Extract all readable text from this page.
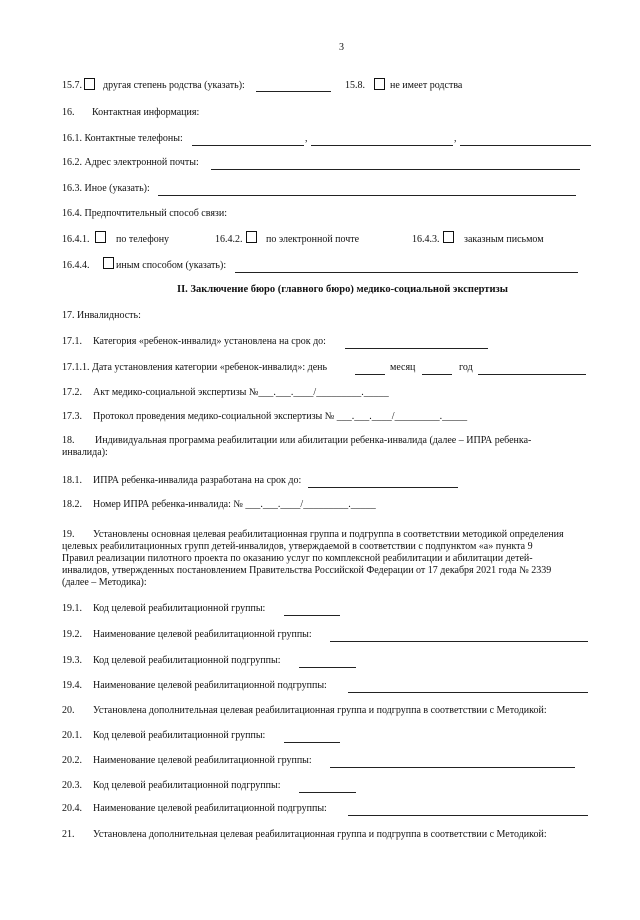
3
15.7. другая степень родства (указать):	15.8.	не имеет родства
16. Контактная информация:
16.1. Контактные телефоны:	,	,
16.2. Адрес электронной почты:
16.3. Иное (указать):
16.4. Предпочтительный способ связи:
16.4.1.	по телефону	16.4.2. по электронной почте	16.4.3. заказным письмом
16.4.4.	иным способом (указать):
II. Заключение бюро (главного бюро) медико-социальной экспертизы
17. Инвалидность:
17.1. Категория «ребенок-инвалид» установлена на срок до:
17.1.1. Дата установления категории «ребенок-инвалид»: день	месяц	год
17.2. Акт медико-социальной экспертизы №___.___.____/_________._____
17.3. Протокол проведения медико-социальной экспертизы № ___.___.____/_________._____
18. Индивидуальная программа реабилитации или абилитации ребенка-инвалида (далее – ИПРА ребенка-
инвалида):
18.1. ИПРА ребенка-инвалида разработана на срок до:
18.2. Номер ИПРА ребенка-инвалида: № ___.___.____/_________._____
19. Установлены основная целевая реабилитационная группа и подгруппа в соответствии методикой определения
целевых реабилитационных групп детей-инвалидов, утверждаемой в соответствии с подпунктом «а» пункта 9
Правил реализации пилотного проекта по оказанию услуг по комплексной реабилитации и абилитации детей-
инвалидов, утвержденных постановлением Правительства Российской Федерации от 17 декабря 2021 года № 2339
(далее – Методика):
19.1. Код целевой реабилитационной группы:
19.2. Наименование целевой реабилитационной группы:
19.3. Код целевой реабилитационной подгруппы:
19.4. Наименование целевой реабилитационной подгруппы:
20. Установлена дополнительная целевая реабилитационная группа и подгруппа в соответствии с Методикой:
20.1. Код целевой реабилитационной группы:
20.2. Наименование целевой реабилитационной группы:
20.3. Код целевой реабилитационной подгруппы:
20.4. Наименование целевой реабилитационной подгруппы:
21. Установлена дополнительная целевая реабилитационная группа и подгруппа в соответствии с Методикой:
